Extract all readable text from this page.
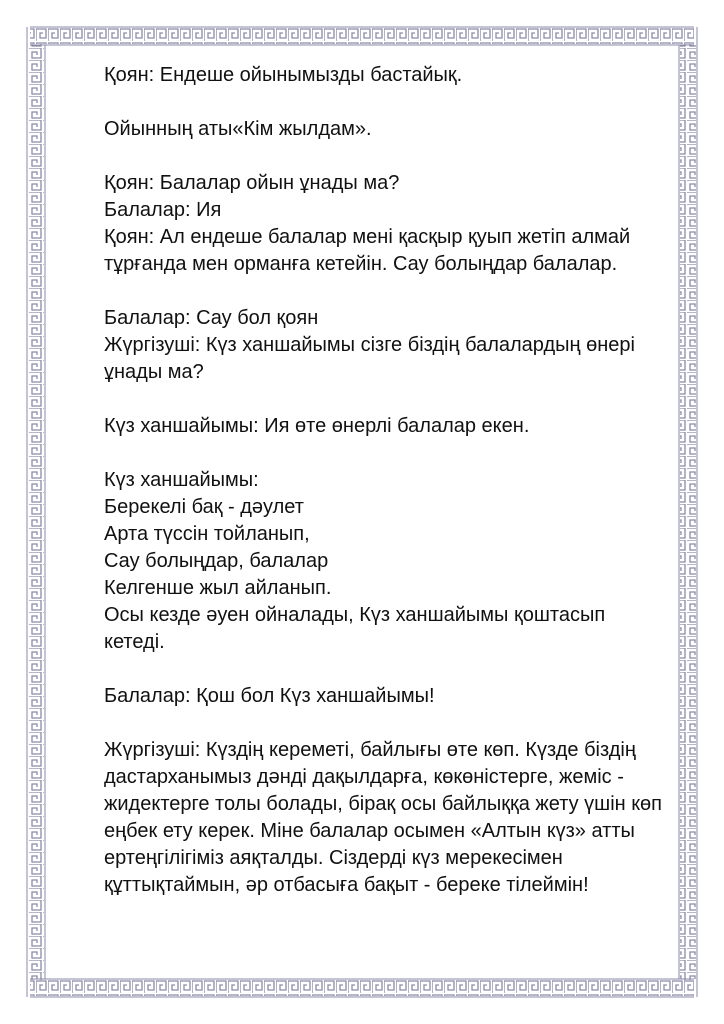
Қоян: Ендеше ойынымызды бастайық.
Ойынның аты«Кім жылдам».
Қоян: Балалар ойын ұнады ма?
Балалар: Ия
Қоян: Ал ендеше балалар мені қасқыр қуып жетіп алмай
тұрғанда мен орманға кетейін. Сау болыңдар балалар.
Балалар: Сау бол қоян
Жүргізуші: Күз ханшайымы сізге біздің балалардың өнері
ұнады ма?
Күз ханшайымы: Ия өте өнерлі балалар екен.
Күз ханшайымы:
Берекелі бақ - дәулет
Арта түссін тойланып,
Сау болыңдар, балалар
Келгенше жыл айланып.
Осы кезде әуен ойналады, Күз ханшайымы қоштасып
кетеді.
Балалар: Қош бол Күз ханшайымы!
Жүргізуші: Күздің кереметі, байлығы өте көп. Күзде біздің
дастарханымыз дәнді дақылдарға, көкөністерге, жеміс -
жидектерге толы болады, бірақ осы байлыққа жету үшін көп
еңбек ету керек. Міне балалар осымен «Алтын күз» атты
ертеңгілігіміз аяқталды. Сіздерді күз мерекесімен
құттықтаймын, әр отбасыға бақыт - береке тілеймін!
